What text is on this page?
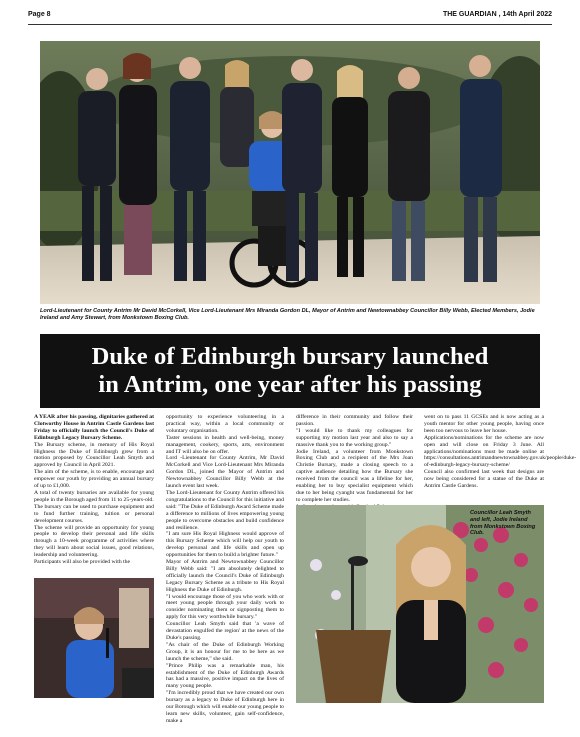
Page 8	THE GUARDIAN , 14th April 2022
Lord-Lieutenant for County Antrim Mr David McCorkell, Vice Lord-Lieutenant Mrs Miranda Gordon DL, Mayor of Antrim and Newtownabbey Councillor Billy Webb, Elected Members, Jodie Ireland and Amy Stewart, from Monkstown Boxing Club.
Duke of Edinburgh bursary launched
in Antrim, one year after his passing

A YEAR after his passing, dignitaries gathered at Clotworthy House in Antrim Castle Gardens last Friday to officially launch the Council's Duke of Edinburgh Legacy Bursary Scheme.

The Bursary scheme, in memory of His Royal Highness the Duke of Edinburgh grew from a motion proposed by Councillor Leah Smyth and approved by Council in April 2021.

The aim of the scheme, is to enable, encourage and empower our youth by providing an annual bursary of up to £1,000.

A total of twenty bursaries are available for young people in the Borough aged from 11 to 25-years-old.

The bursary can be used to purchase equipment and to fund further training, tuition or personal development courses.

The scheme will provide an opportunity for young people to develop their personal and life skills through a 10-week programme of activities where they will learn about social issues, good relations, leadership and volunteering.

Participants will also be provided with the

opportunity to experience volunteering in a practical way, within a local community or voluntary organisation.

Taster sessions in health and well-being, money management, cookery, sports, arts, environment and IT will also be on offer.

Lord -Lieutenant for County Antrim, Mr David McCorkell and Vice Lord-Lieutenant Mrs Miranda Gordon DL, joined the Mayor of Antrim and Newtownabbey Councillor Billy Webb at the launch event last week.

The Lord-Lieutenant for County Antrim offered his congratulations to the Council for this initiative and said: "The Duke of Edinburgh Award Scheme made a difference to millions of lives empowering young people to overcome obstacles and build confidence and resilience.

"I am sure His Royal Highness would approve of this Bursary Scheme which will help our youth to develop personal and life skills and open up opportunities for them to build a brighter future."

Mayor of Antrim and Newtownabbey Councillor Billy Webb said: "I am absolutely delighted to officially launch the Council's Duke of Edinburgh Legacy Bursary Scheme as a tribute to His Royal Highness the Duke of Edinburgh.

"I would encourage those of you who work with or meet young people through your daily work to consider nominating them or signposting them to apply for this very worthwhile bursary."

Councillor Leah Smyth said that 'a wave of devastation engulfed the region' at the news of the Duke's passing.

"As chair of the Duke of Edinburgh Working Group, it is an honour for me to be here as we launch the scheme," she said.

"Prince Philip was a remarkable man, his establishment of the Duke of Edinburgh Awards has had a massive, positive impact on the lives of many young people.

"I'm incredibly proud that we have created our own bursary as a legacy to Duke of Edinburgh here in our Borough which will enable our young people to learn new skills, volunteer, gain self-confidence, make a

difference in their community and follow their passion.

"I would like to thank my colleagues for supporting my motion last year and also to say a massive thank you to the working group."

Jodie Ireland, a volunteer from Monkstown Boxing Club and a recipient of the Mrs Joan Christie Bursary, made a closing speech to a captive audience detailing how the Bursary she received from the council was a lifeline for her, enabling her to buy specialist equipment which due to her being cyanght was fundamental for her to complete her studies.

went on to pass 11 GCSEs and is now acting as a youth mentor for other young people, having once been too nervous to leave her house.

Applications/nominations for the scheme are now open and will close on Friday 3 June. All applications/nominations must be made online at https://consultations.antrimandnewtownabbey.gov.uk/people/duke-of-edinburgh-legacy-bursary-scheme/

Council also confirmed last week that designs are now being considered for a statue of the Duke at Antrim Castle Gardens.

Councillor Leah Smyth and left, Jodie Ireland from Monkstown Boxing Club.
